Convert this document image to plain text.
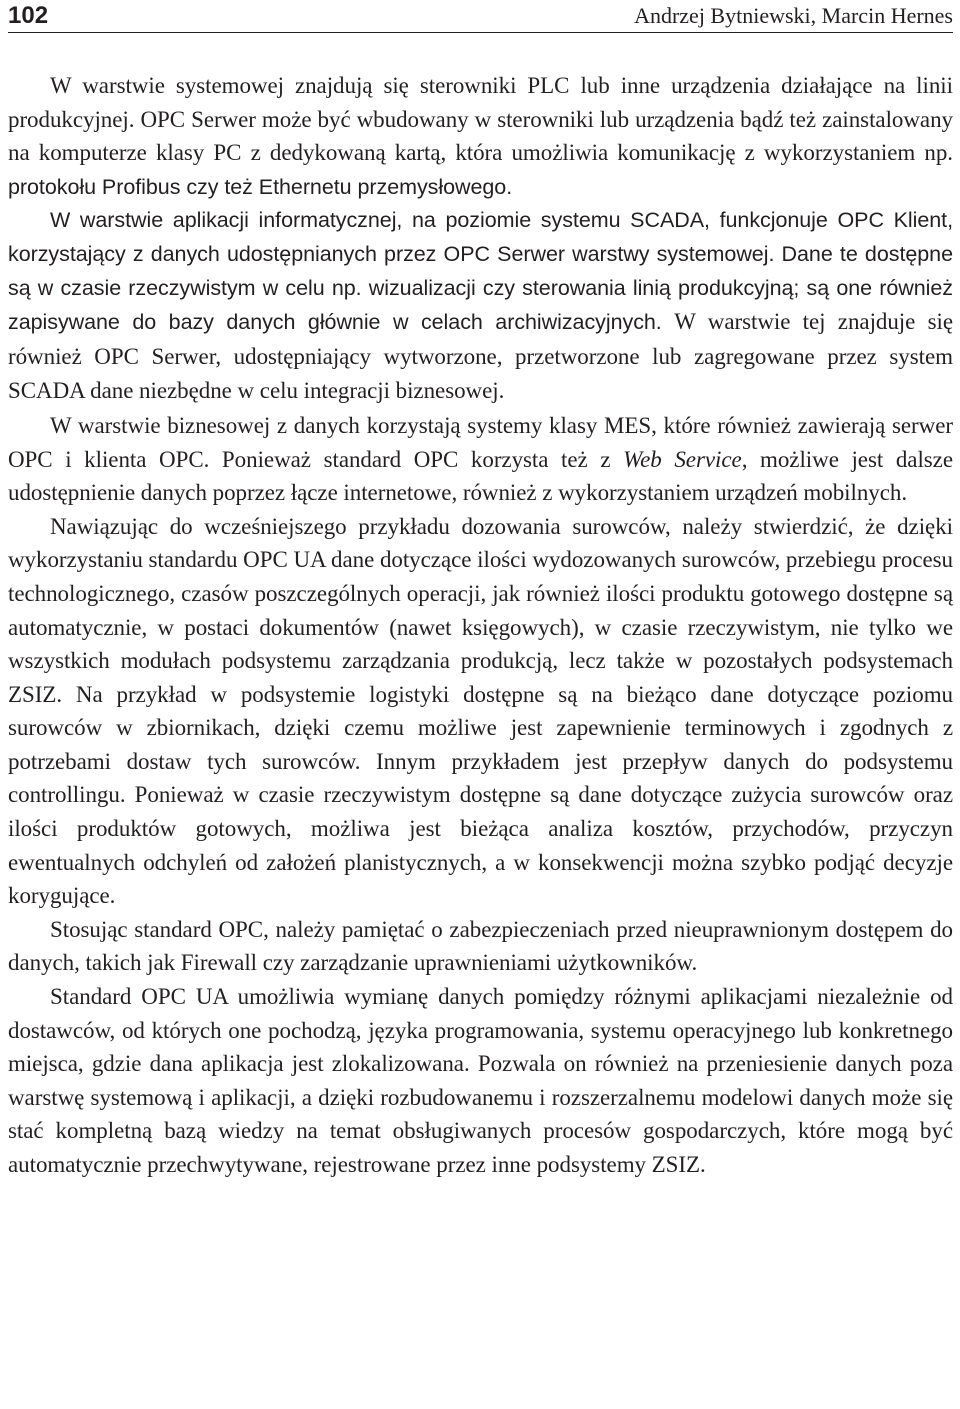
102	Andrzej Bytniewski, Marcin Hernes

W warstwie systemowej znajdują się sterowniki PLC lub inne urządzenia działające na linii produkcyjnej. OPC Serwer może być wbudowany w sterowniki lub urządzenia bądź też zainstalowany na komputerze klasy PC z dedykowaną kartą, która umożliwia komunikację z wykorzystaniem np. protokołu Profibus czy też Ethernetu przemysłowego.

W warstwie aplikacji informatycznej, na poziomie systemu SCADA, funkcjonuje OPC Klient, korzystający z danych udostępnianych przez OPC Serwer warstwy systemowej. Dane te dostępne są w czasie rzeczywistym w celu np. wizualizacji czy sterowania linią produkcyjną; są one również zapisywane do bazy danych głównie w celach archiwizacyjnych. W warstwie tej znajduje się również OPC Serwer, udostępniający wytworzone, przetworzone lub zagregowane przez system SCADA dane niezbędne w celu integracji biznesowej.

W warstwie biznesowej z danych korzystają systemy klasy MES, które również zawierają serwer OPC i klienta OPC. Ponieważ standard OPC korzysta też z Web Service, możliwe jest dalsze udostępnienie danych poprzez łącze internetowe, również z wykorzystaniem urządzeń mobilnych.

Nawiązując do wcześniejszego przykładu dozowania surowców, należy stwierdzić, że dzięki wykorzystaniu standardu OPC UA dane dotyczące ilości wydozowanych surowców, przebiegu procesu technologicznego, czasów poszczególnych operacji, jak również ilości produktu gotowego dostępne są automatycznie, w postaci dokumentów (nawet księgowych), w czasie rzeczywistym, nie tylko we wszystkich modułach podsystemu zarządzania produkcją, lecz także w pozostałych podsystemach ZSIZ. Na przykład w podsystemie logistyki dostępne są na bieżąco dane dotyczące poziomu surowców w zbiornikach, dzięki czemu możliwe jest zapewnienie terminowych i zgodnych z potrzebami dostaw tych surowców. Innym przykładem jest przepływ danych do podsystemu controllingu. Ponieważ w czasie rzeczywistym dostępne są dane dotyczące zużycia surowców oraz ilości produktów gotowych, możliwa jest bieżąca analiza kosztów, przychodów, przyczyn ewentualnych odchyleń od założeń planistycznych, a w konsekwencji można szybko podjąć decyzje korygujące.

Stosując standard OPC, należy pamiętać o zabezpieczeniach przed nieuprawnionym dostępem do danych, takich jak Firewall czy zarządzanie uprawnieniami użytkowników.

Standard OPC UA umożliwia wymianę danych pomiędzy różnymi aplikacjami niezależnie od dostawców, od których one pochodzą, języka programowania, systemu operacyjnego lub konkretnego miejsca, gdzie dana aplikacja jest zlokalizowana. Pozwala on również na przeniesienie danych poza warstwę systemową i aplikacji, a dzięki rozbudowanemu i rozszerzalnemu modelowi danych może się stać kompletną bazą wiedzy na temat obsługiwanych procesów gospodarczych, które mogą być automatycznie przechwytywane, rejestrowane przez inne podsystemy ZSIZ.
